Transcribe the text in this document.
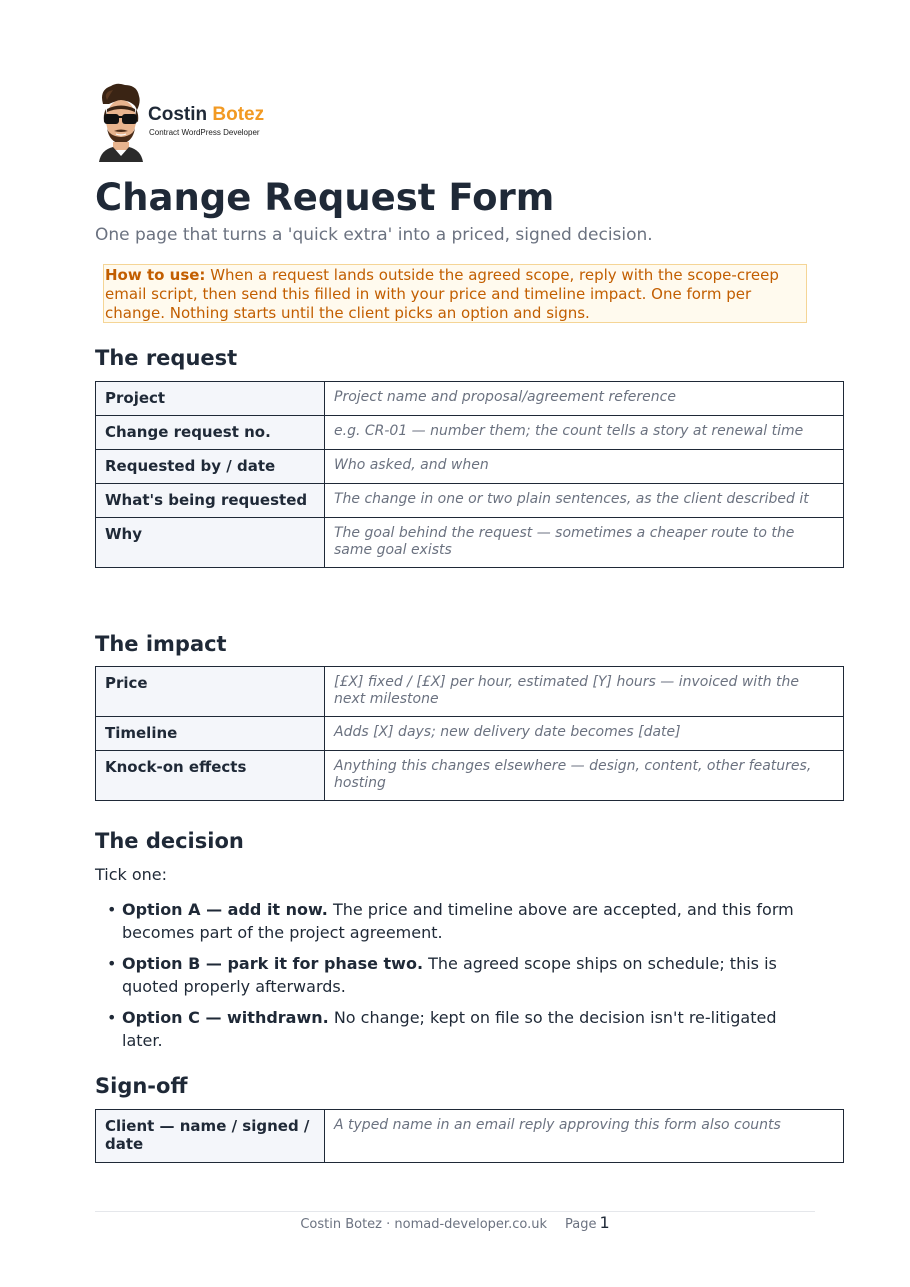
Costin Botez
Contract WordPress Developer
Change Request Form
One page that turns a 'quick extra' into a priced, signed decision.
How to use: When a request lands outside the agreed scope, reply with the scope-creep email script, then send this filled in with your price and timeline impact. One form per change. Nothing starts until the client picks an option and signs.
The request
Project	Project name and proposal/agreement reference
Change request no.	e.g. CR-01 — number them; the count tells a story at renewal time
Requested by / date	Who asked, and when
What's being requested	The change in one or two plain sentences, as the client described it
Why	The goal behind the request — sometimes a cheaper route to the same goal exists
The impact
Price	[£X] fixed / [£X] per hour, estimated [Y] hours — invoiced with the next milestone
Timeline	Adds [X] days; new delivery date becomes [date]
Knock-on effects	Anything this changes elsewhere — design, content, other features, hosting
The decision
Tick one:
• Option A — add it now. The price and timeline above are accepted, and this form becomes part of the project agreement.
• Option B — park it for phase two. The agreed scope ships on schedule; this is quoted properly afterwards.
• Option C — withdrawn. No change; kept on file so the decision isn't re-litigated later.
Sign-off
Client — name / signed / date	A typed name in an email reply approving this form also counts
Costin Botez · nomad-developer.co.uk Page 1
